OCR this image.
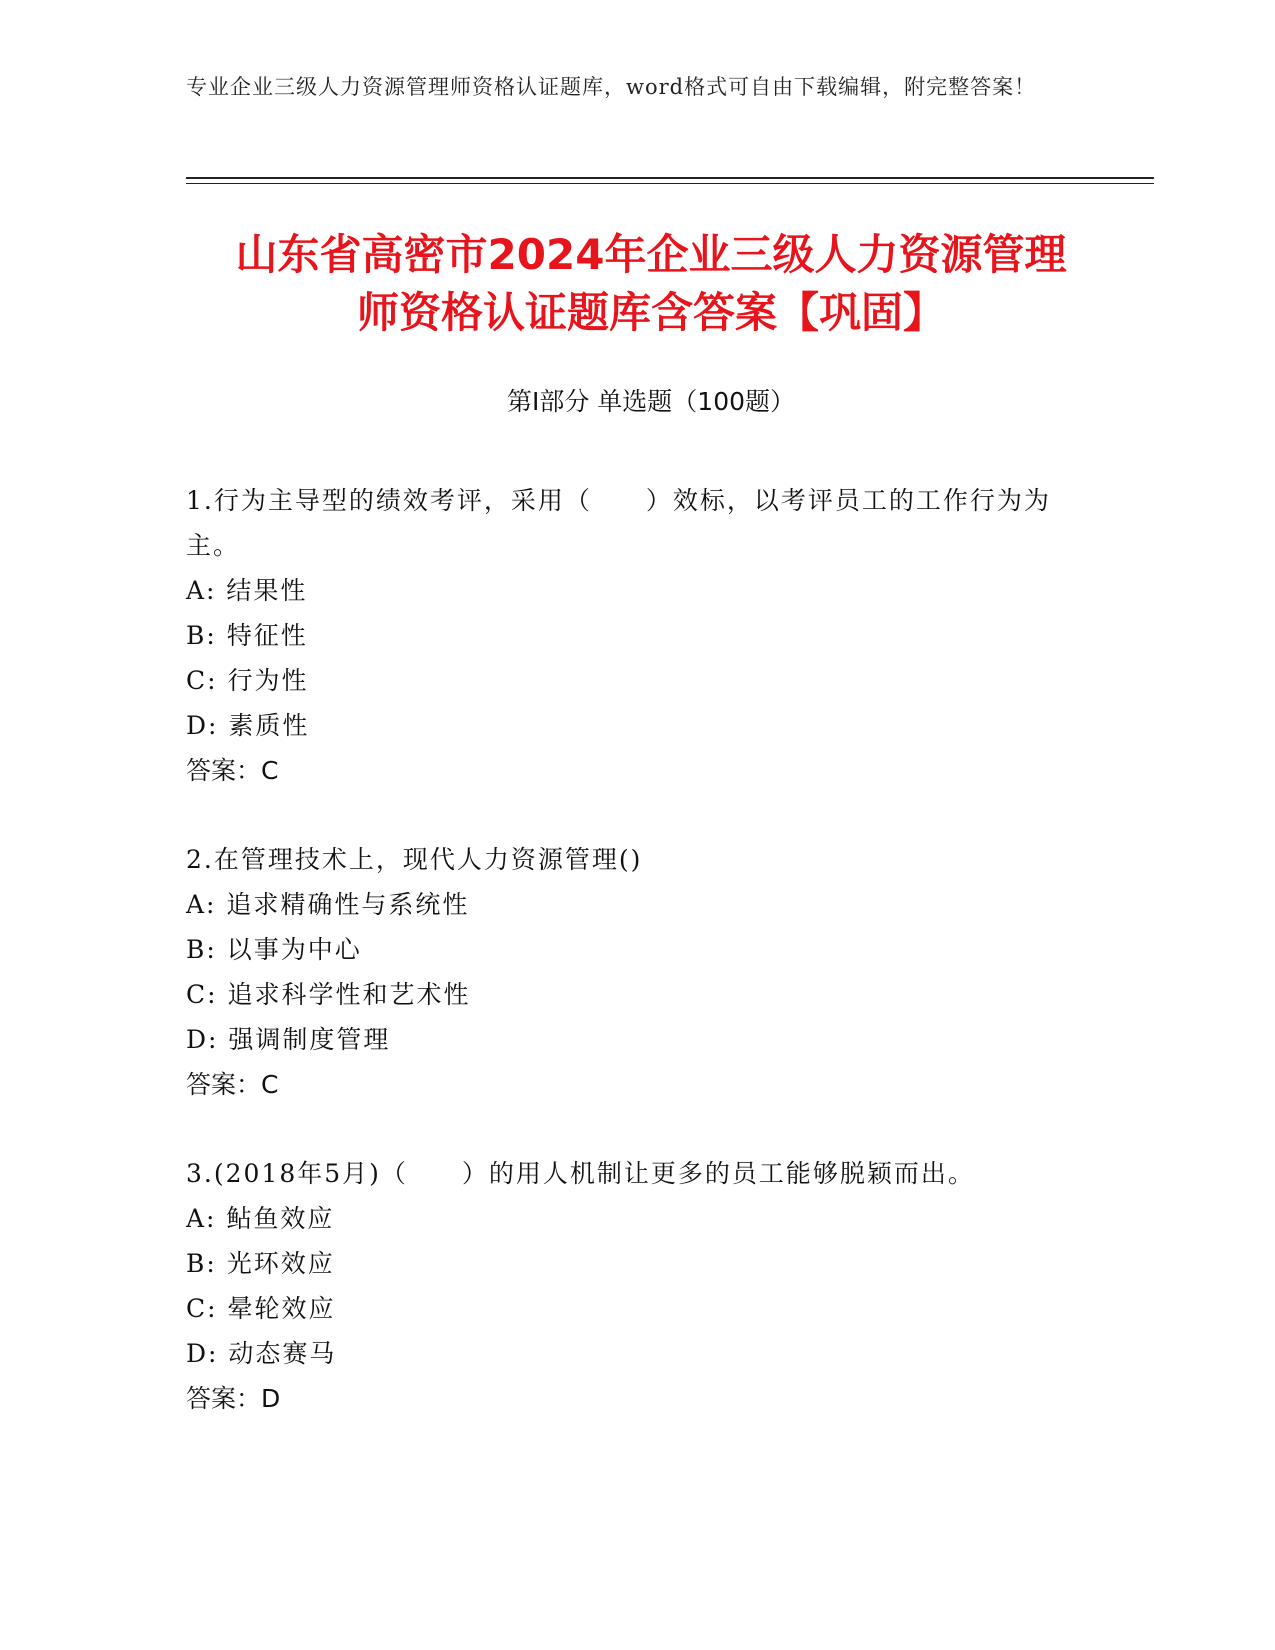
专业企业三级人力资源管理师资格认证题库，word格式可自由下载编辑，附完整答案！
山东省高密市2024年企业三级人力资源管理
师资格认证题库含答案【巩固】
第I部分 单选题（100题）
1.行为主导型的绩效考评，采用（　　）效标，以考评员工的工作行为为主。
A: 结果性
B: 特征性
C: 行为性
D: 素质性
答案：C
2.在管理技术上，现代人力资源管理()
A: 追求精确性与系统性
B: 以事为中心
C: 追求科学性和艺术性
D: 强调制度管理
答案：C
3.(2018年5月)（　　）的用人机制让更多的员工能够脱颖而出。
A: 鲇鱼效应
B: 光环效应
C: 晕轮效应
D: 动态赛马
答案：D
